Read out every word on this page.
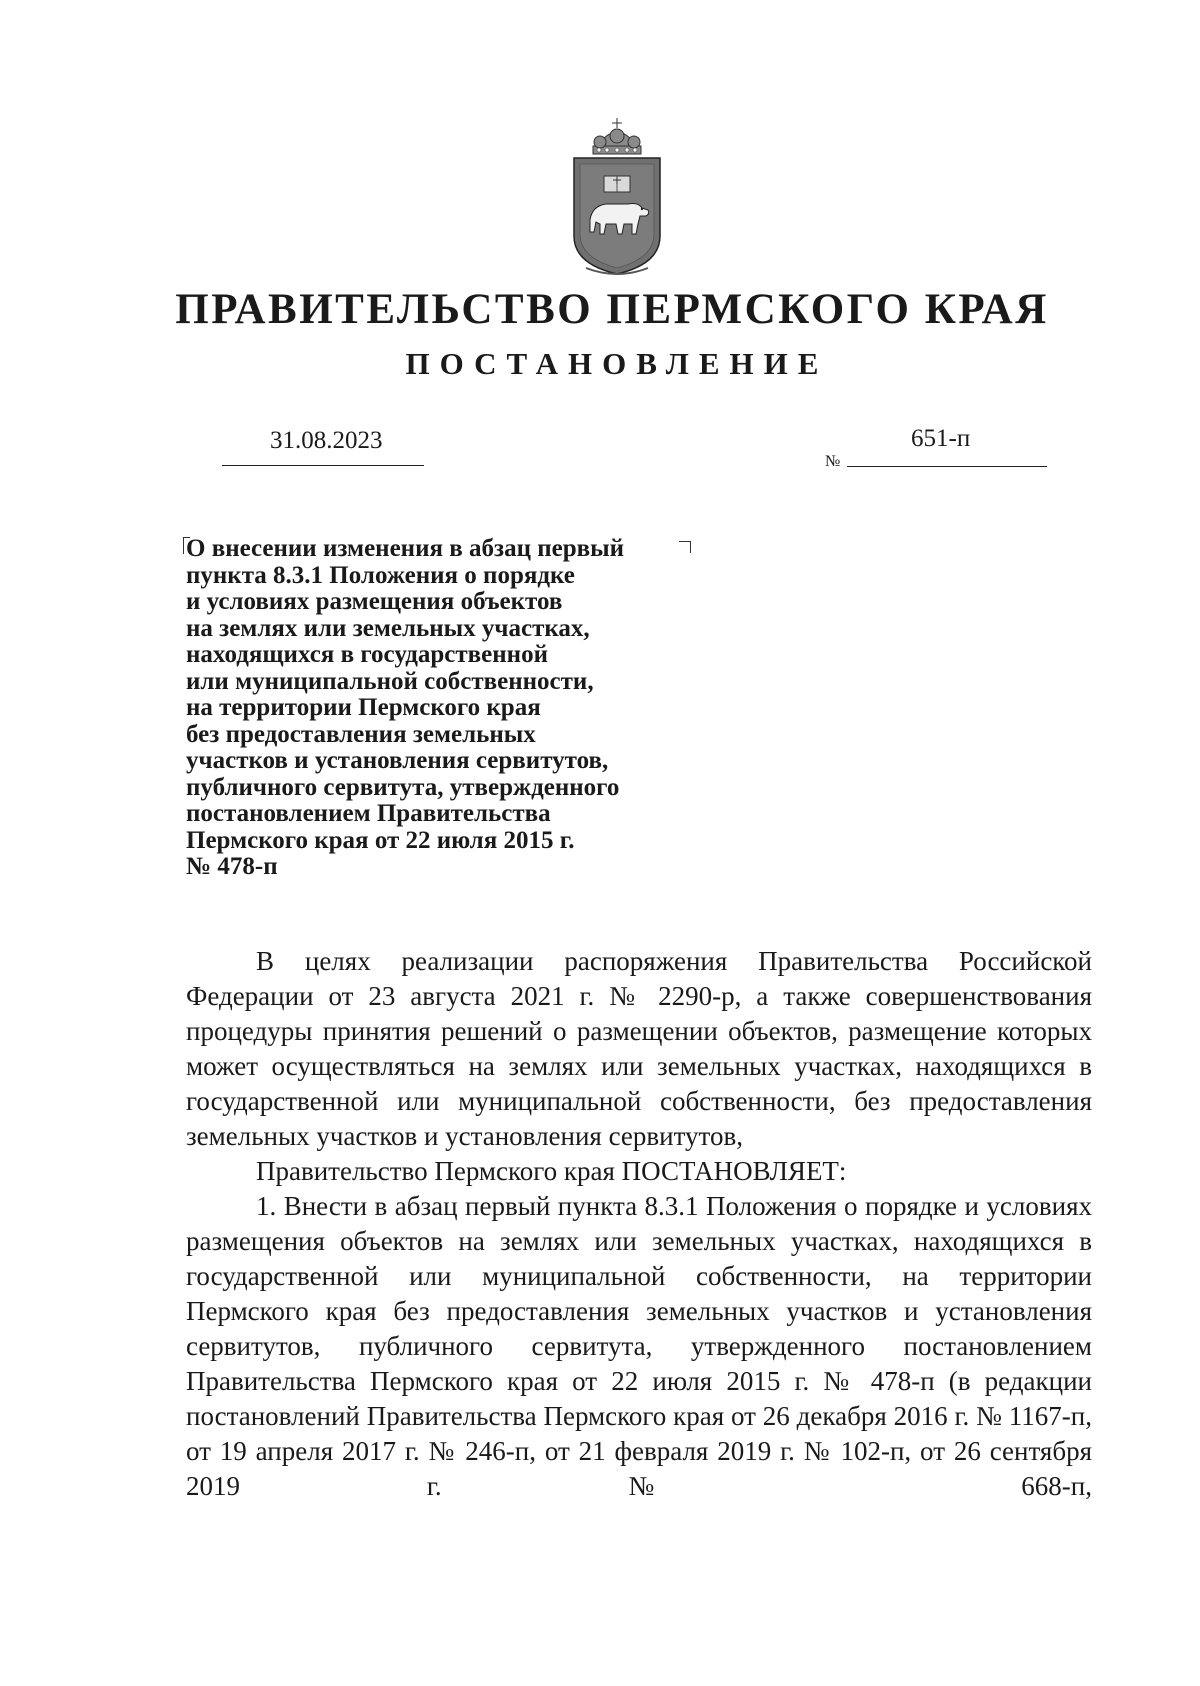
ПРАВИТЕЛЬСТВО ПЕРМСКОГО КРАЯ
ПОСТАНОВЛЕНИЕ
31.08.2023
№
651-п
О внесении изменения в абзац первый
пункта 8.3.1 Положения о порядке
и условиях размещения объектов
на землях или земельных участках,
находящихся в государственной
или муниципальной собственности,
на территории Пермского края
без предоставления земельных
участков и установления сервитутов,
публичного сервитута, утвержденного
постановлением Правительства
Пермского края от 22 июля 2015 г.
№ 478-п

В целях реализации распоряжения Правительства Российской Федерации от 23 августа 2021 г. № 2290-р, а также совершенствования процедуры принятия решений о размещении объектов, размещение которых может осуществляться на землях или земельных участках, находящихся в государственной или муниципальной собственности, без предоставления земельных участков и установления сервитутов,

Правительство Пермского края ПОСТАНОВЛЯЕТ:

1. Внести в абзац первый пункта 8.3.1 Положения о порядке и условиях размещения объектов на землях или земельных участках, находящихся в государственной или муниципальной собственности, на территории Пермского края без предоставления земельных участков и установления сервитутов, публичного сервитута, утвержденного постановлением Правительства Пермского края от 22 июля 2015 г. № 478-п (в редакции постановлений Правительства Пермского края от 26 декабря 2016 г. № 1167-п, от 19 апреля 2017 г. № 246-п, от 21 февраля 2019 г. № 102-п, от 26 сентября 2019 г. № 668-п,
